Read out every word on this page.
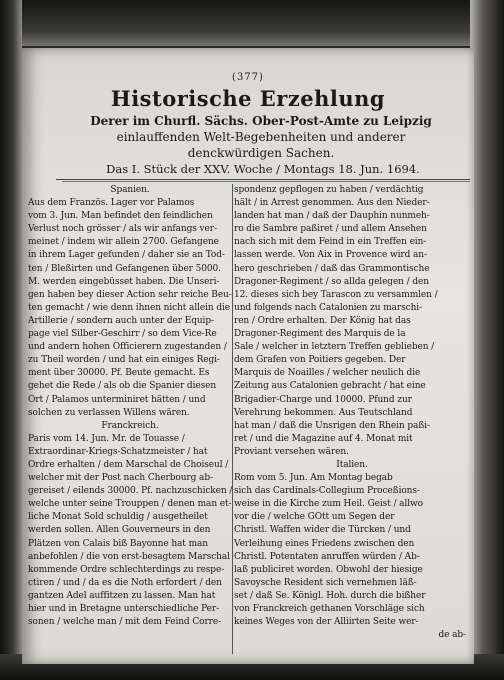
(377)
Historische Erzehlung
Derer im Churfl. Sächs. Ober-Post-Amte zu Leipzig
einlauffenden Welt-Begebenheiten und anderer
denckwürdigen Sachen.
Das I. Stück der XXV. Woche / Montags 18. Jun. 1694.
Spanien.
Aus dem Französ. Lager vor Palamos
vom 3. Jun. Man befindet den feindlichen
Verlust noch grösser / als wir anfangs ver-
meinet / indem wir allein 2700. Gefangene
in ihrem Lager gefunden / daher sie an Tod-
ten / Bleßirten und Gefangenen über 5000.
M. werden eingebüsset haben. Die Unseri-
gen haben bey dieser Action sehr reiche Beu-
ten gemacht / wie denn ihnen nicht allein die
Artillerie / sondern auch unter der Equip-
page viel Silber-Geschirr / so dem Vice-Re
und andern hohen Officierern zugestanden /
zu Theil worden / und hat ein einiges Regi-
ment über 30000. Pf. Beute gemacht. Es
gehet die Rede / als ob die Spanier diesen
Ort / Palamos unterminiret hätten / und
solchen zu verlassen Willens wären.
Franckreich.
Paris vom 14. Jun. Mr. de Touasse /
Extraordinar-Kriegs-Schatzmeister / hat
Ordre erhalten / dem Marschal de Choiseul /
welcher mit der Post nach Cherbourg ab-
gereiset / eilends 30000. Pf. nachzuschicken /
welche unter seine Trouppen / denen man et-
liche Monat Sold schuldig / ausgetheilet
werden sollen. Allen Gouverneurs in den
Plätzen von Calais biß Bayonne hat man
anbefohlen / die von erst-besagtem Marschal
kommende Ordre schlechterdings zu respe-
ctiren / und / da es die Noth erfordert / den
gantzen Adel auffitzen zu lassen. Man hat
hier und in Bretagne unterschiedliche Per-
sonen / welche man / mit dem Feind Corre-
spondenz gepflogen zu haben / verdächtig
hält / in Arrest genommen. Aus den Nieder-
landen hat man / daß der Dauphin nunmeh-
ro die Sambre paßiret / und allem Ansehen
nach sich mit dem Feind in ein Treffen ein-
lassen werde. Von Aix in Provence wird an-
hero geschrieben / daß das Grammontische
Dragoner-Regiment / so allda gelegen / den
12. dieses sich bey Tarascon zu versammlen /
und folgends nach Catalonien zu marschi-
ren / Ordre erhalten. Der König hat das
Dragoner-Regiment des Marquis de la
Sale / welcher in letztern Treffen geblieben /
dem Grafen von Poitiers gegeben. Der
Marquis de Noailles / welcher neulich die
Zeitung aus Catalonien gebracht / hat eine
Brigadier-Charge und 10000. Pfund zur
Verehrung bekommen. Aus Teutschland
hat man / daß die Unsrigen den Rhein paßi-
ret / und die Magazine auf 4. Monat mit
Proviant versehen wären.
Italien.
Rom vom 5. Jun. Am Montag begab
sich das Cardinals-Collegium Proceßions-
weise in die Kirche zum Heil. Geist / allwo
vor die / welche GOtt um Segen der
Christl. Waffen wider die Türcken / und
Verleihung eines Friedens zwischen den
Christl. Potentaten anruffen würden / Ab-
laß publiciret worden. Obwohl der hiesige
Savoysche Resident sich vernehmen läß-
set / daß Se. Königl. Hoh. durch die bißher
von Franckreich gethanen Vorschläge sich
keines Weges von der Alliirten Seite wer-
de ab-
